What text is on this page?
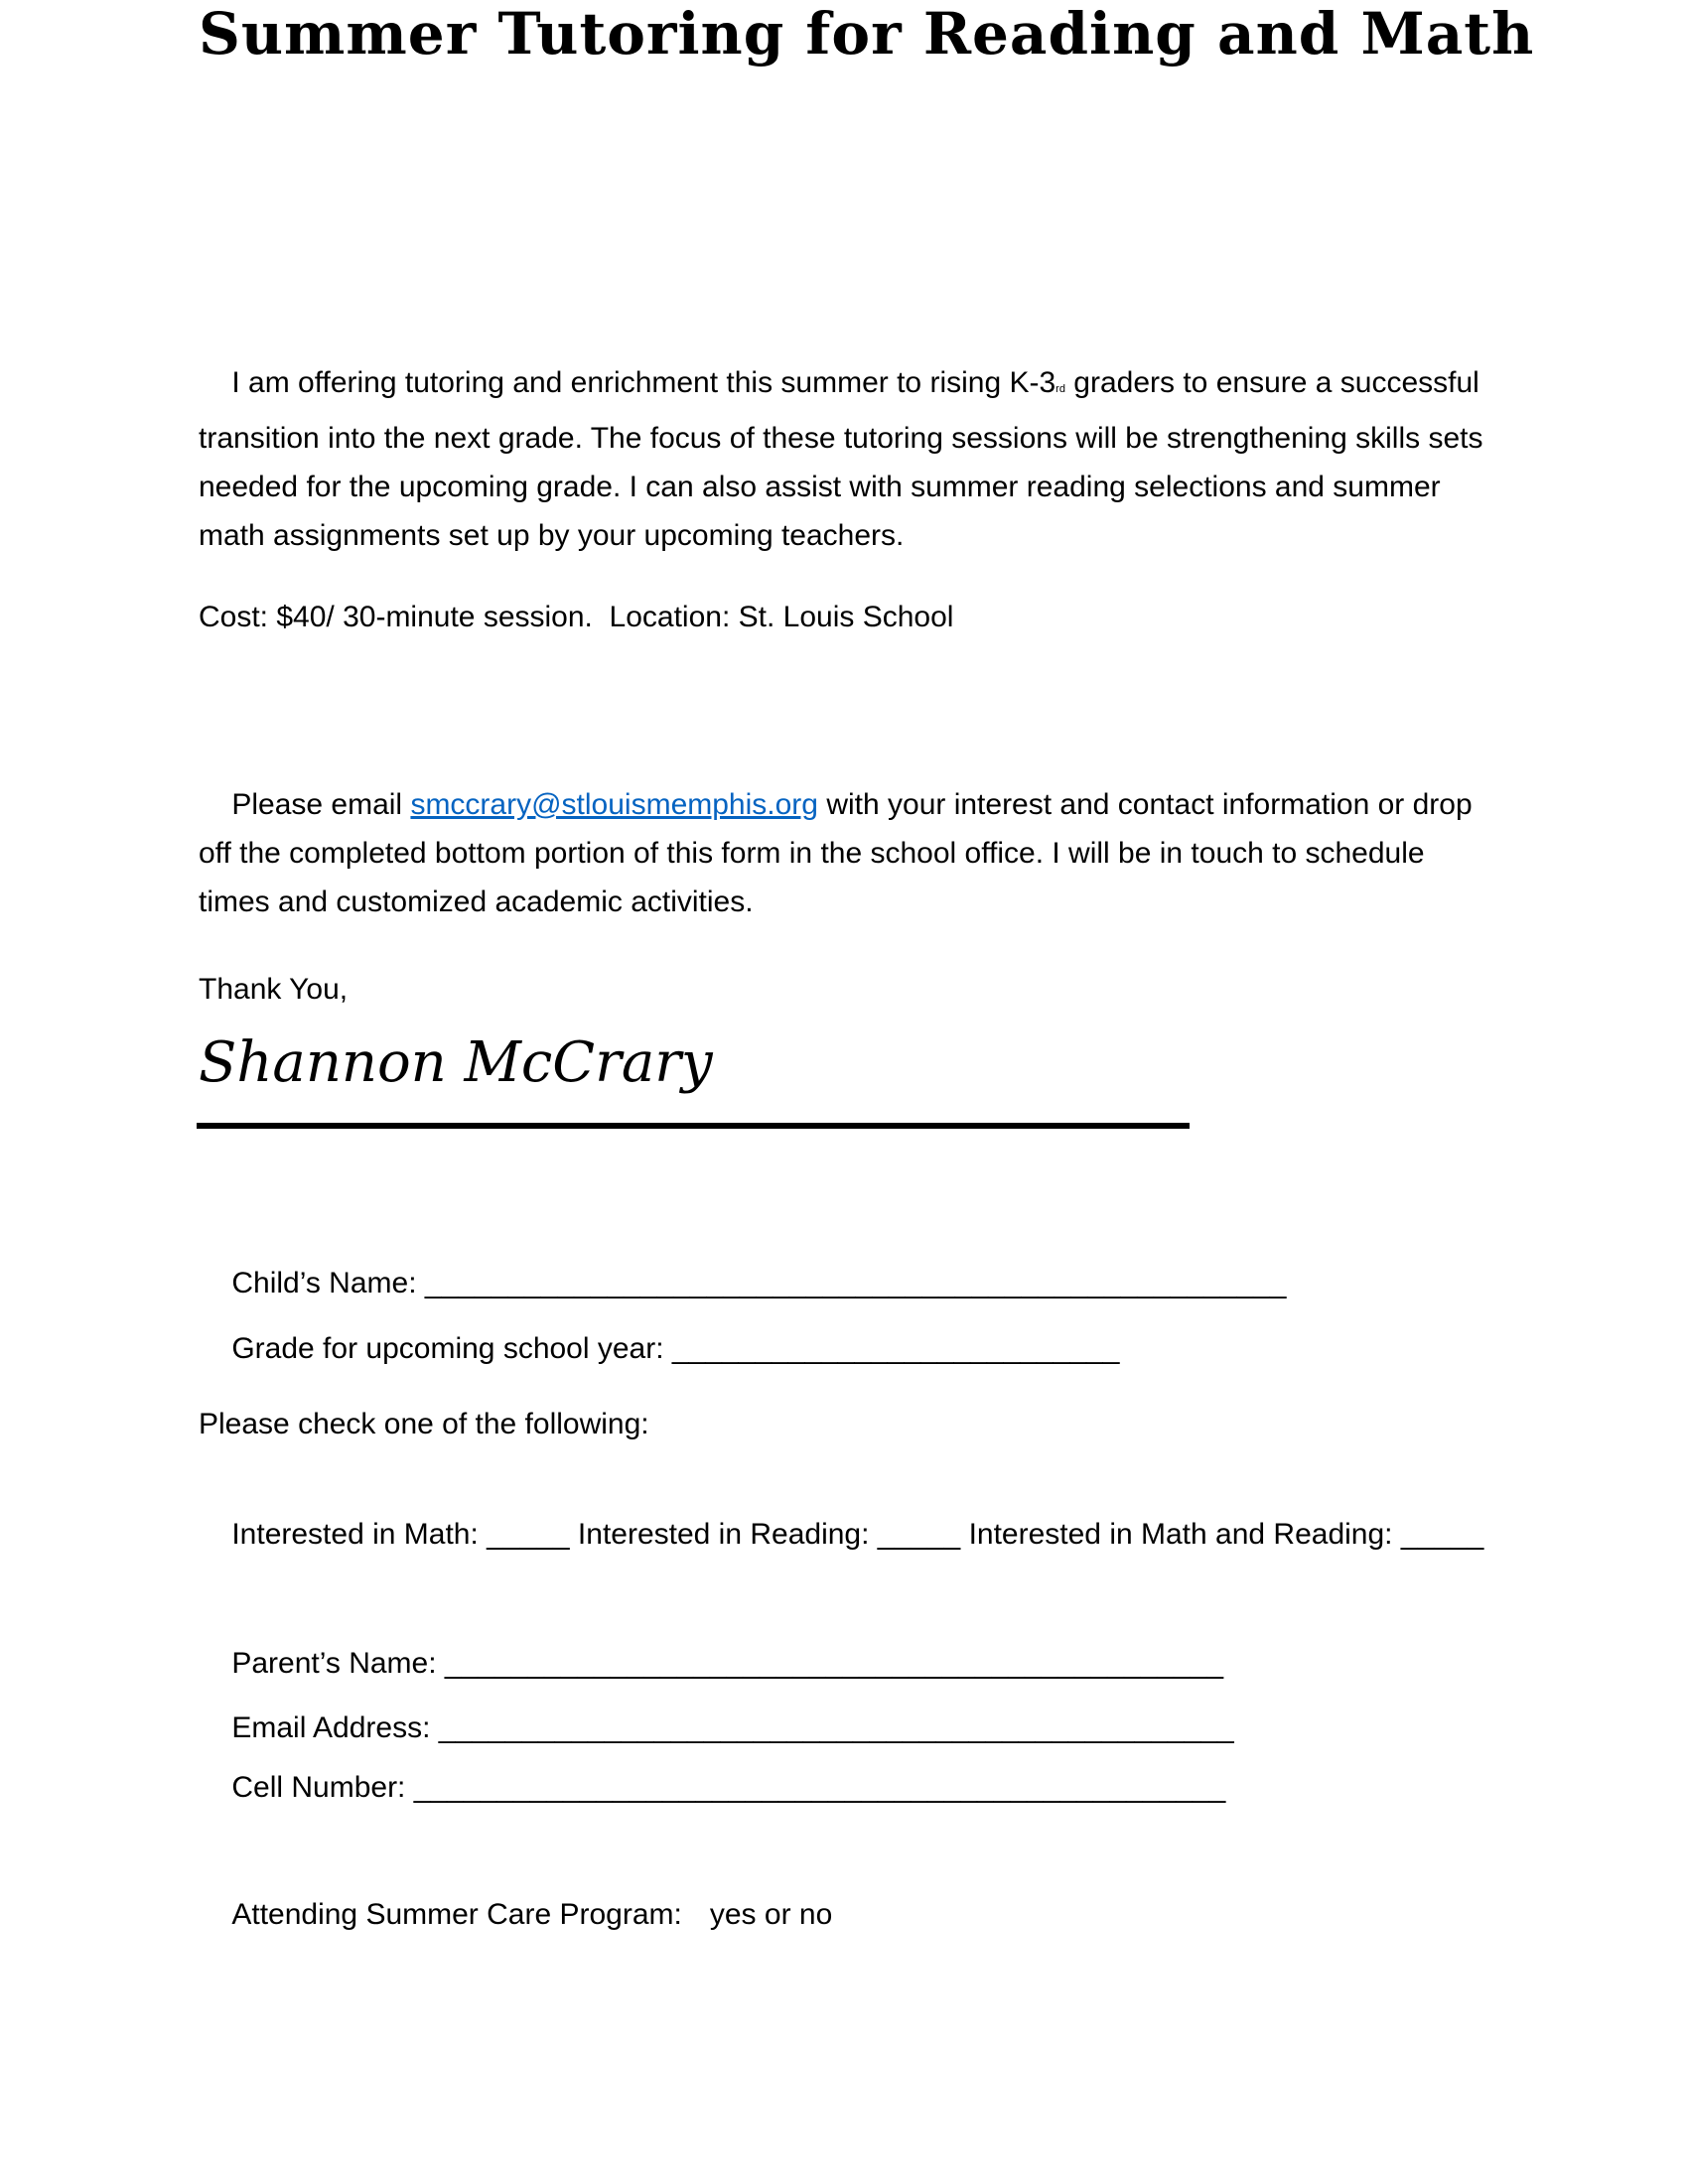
Summer Tutoring for Reading and Math

I am offering tutoring and enrichment this summer to rising K-3rd graders to ensure a successful transition into the next grade. The focus of these tutoring sessions will be strengthening skills sets needed for the upcoming grade. I can also assist with summer reading selections and summer math assignments set up by your upcoming teachers.

Cost: $40/ 30-minute session.  Location: St. Louis School

Please email smccrary@stlouismemphis.org with your interest and contact information or drop off the completed bottom portion of this form in the school office. I will be in touch to schedule times and customized academic activities.

Thank You,
Shannon McCrary

Child’s Name: ____________________________________________________

Grade for upcoming school year: ___________________________

Please check one of the following:

Interested in Math: _____ Interested in Reading: _____ Interested in Math and Reading: _____

Parent’s Name: _______________________________________________

Email Address: ________________________________________________

Cell Number: _________________________________________________

Attending Summer Care Program: yes or no
